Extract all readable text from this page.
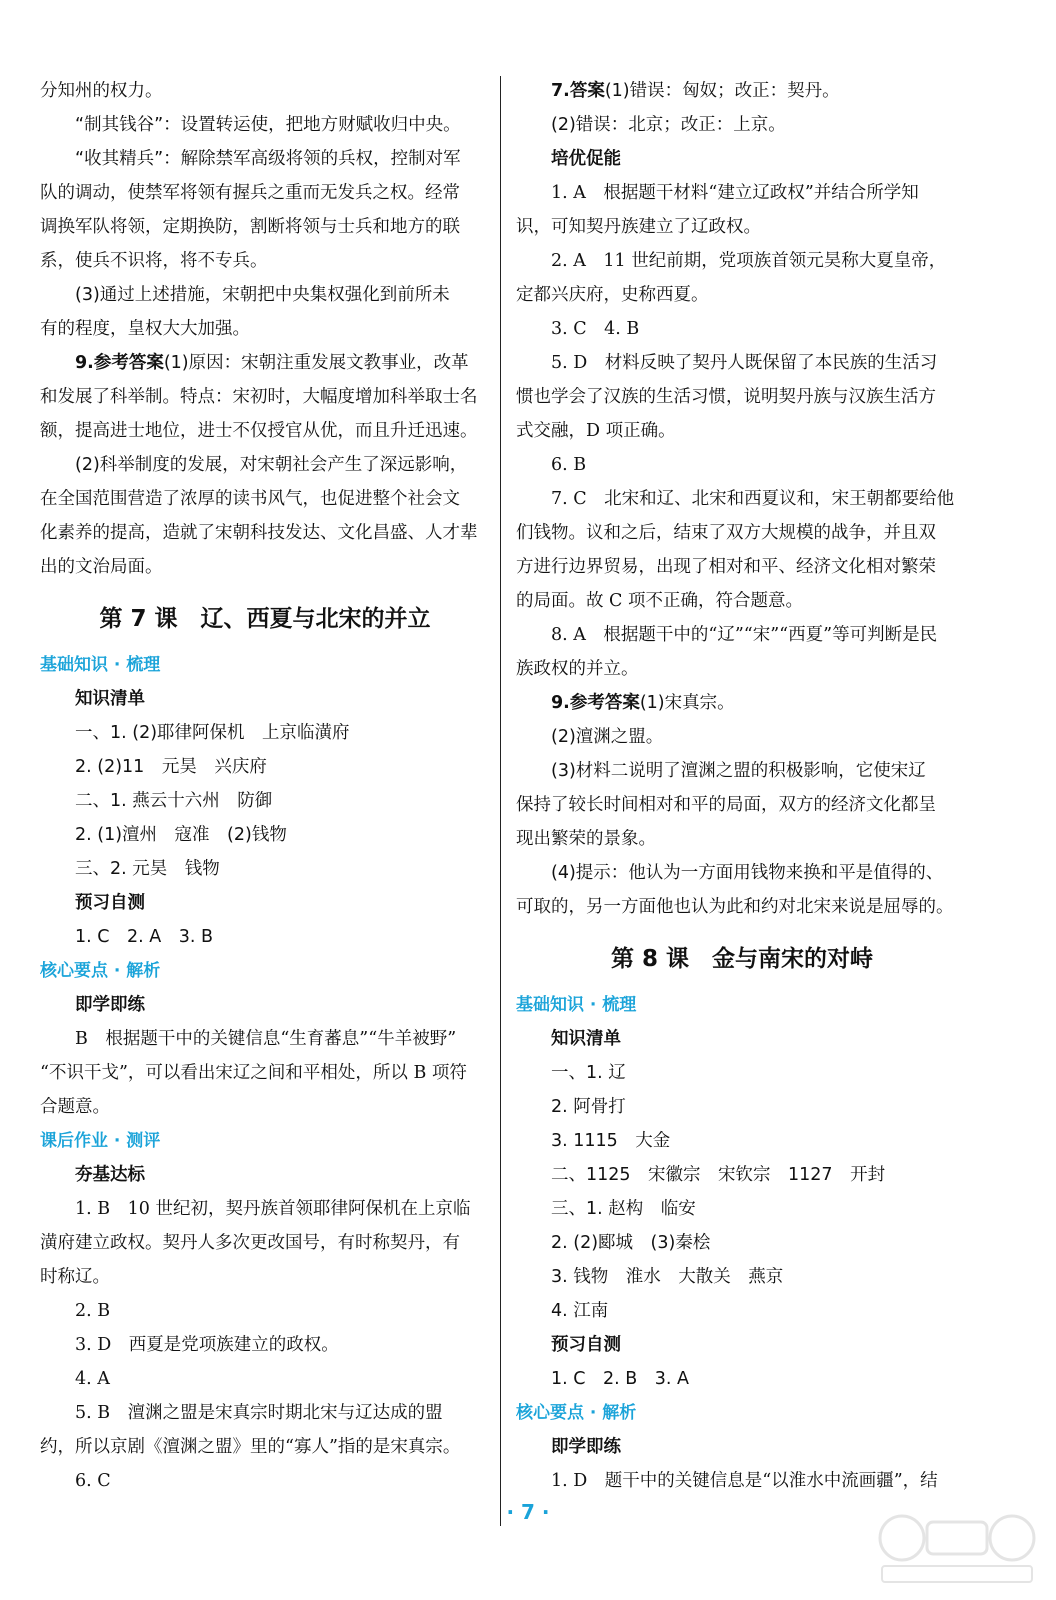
分知州的权力。
“制其钱谷”：设置转运使，把地方财赋收归中央。
“收其精兵”：解除禁军高级将领的兵权，控制对军
队的调动，使禁军将领有握兵之重而无发兵之权。经常
调换军队将领，定期换防，割断将领与士兵和地方的联
系，使兵不识将，将不专兵。
(3)通过上述措施，宋朝把中央集权强化到前所未
有的程度，皇权大大加强。
9.参考答案(1)原因：宋朝注重发展文教事业，改革
和发展了科举制。特点：宋初时，大幅度增加科举取士名
额，提高进士地位，进士不仅授官从优，而且升迁迅速。
(2)科举制度的发展，对宋朝社会产生了深远影响，
在全国范围营造了浓厚的读书风气，也促进整个社会文
化素养的提高，造就了宋朝科技发达、文化昌盛、人才辈
出的文治局面。
第 7 课　辽、西夏与北宋的并立
基础知识 · 梳理
知识清单
一、1. (2)耶律阿保机　上京临潢府
2. (2)11　元昊　兴庆府
二、1. 燕云十六州　防御
2. (1)澶州　寇准　(2)钱物
三、2. 元昊　钱物
预习自测
1. C　2. A　3. B
核心要点 · 解析
即学即练
B　根据题干中的关键信息“生育蕃息”“牛羊被野”
“不识干戈”，可以看出宋辽之间和平相处，所以 B 项符
合题意。
课后作业 · 测评
夯基达标
1. B　10 世纪初，契丹族首领耶律阿保机在上京临
潢府建立政权。契丹人多次更改国号，有时称契丹，有
时称辽。
2. B
3. D　西夏是党项族建立的政权。
4. A
5. B　澶渊之盟是宋真宗时期北宋与辽达成的盟
约，所以京剧《澶渊之盟》里的“寡人”指的是宋真宗。
6. C
7.答案(1)错误：匈奴；改正：契丹。
(2)错误：北京；改正：上京。
培优促能
1. A　根据题干材料“建立辽政权”并结合所学知
识，可知契丹族建立了辽政权。
2. A　11 世纪前期，党项族首领元昊称大夏皇帝，
定都兴庆府，史称西夏。
3. C　4. B
5. D　材料反映了契丹人既保留了本民族的生活习
惯也学会了汉族的生活习惯，说明契丹族与汉族生活方
式交融，D 项正确。
6. B
7. C　北宋和辽、北宋和西夏议和，宋王朝都要给他
们钱物。议和之后，结束了双方大规模的战争，并且双
方进行边界贸易，出现了相对和平、经济文化相对繁荣
的局面。故 C 项不正确，符合题意。
8. A　根据题干中的“辽”“宋”“西夏”等可判断是民
族政权的并立。
9.参考答案(1)宋真宗。
(2)澶渊之盟。
(3)材料二说明了澶渊之盟的积极影响，它使宋辽
保持了较长时间相对和平的局面，双方的经济文化都呈
现出繁荣的景象。
(4)提示：他认为一方面用钱物来换和平是值得的、
可取的，另一方面他也认为此和约对北宋来说是屈辱的。
第 8 课　金与南宋的对峙
基础知识 · 梳理
知识清单
一、1. 辽
2. 阿骨打
3. 1115　大金
二、1125　宋徽宗　宋钦宗　1127　开封
三、1. 赵构　临安
2. (2)郾城　(3)秦桧
3. 钱物　淮水　大散关　燕京
4. 江南
预习自测
1. C　2. B　3. A
核心要点 · 解析
即学即练
1. D　题干中的关键信息是“以淮水中流画疆”，结
· 7 ·
